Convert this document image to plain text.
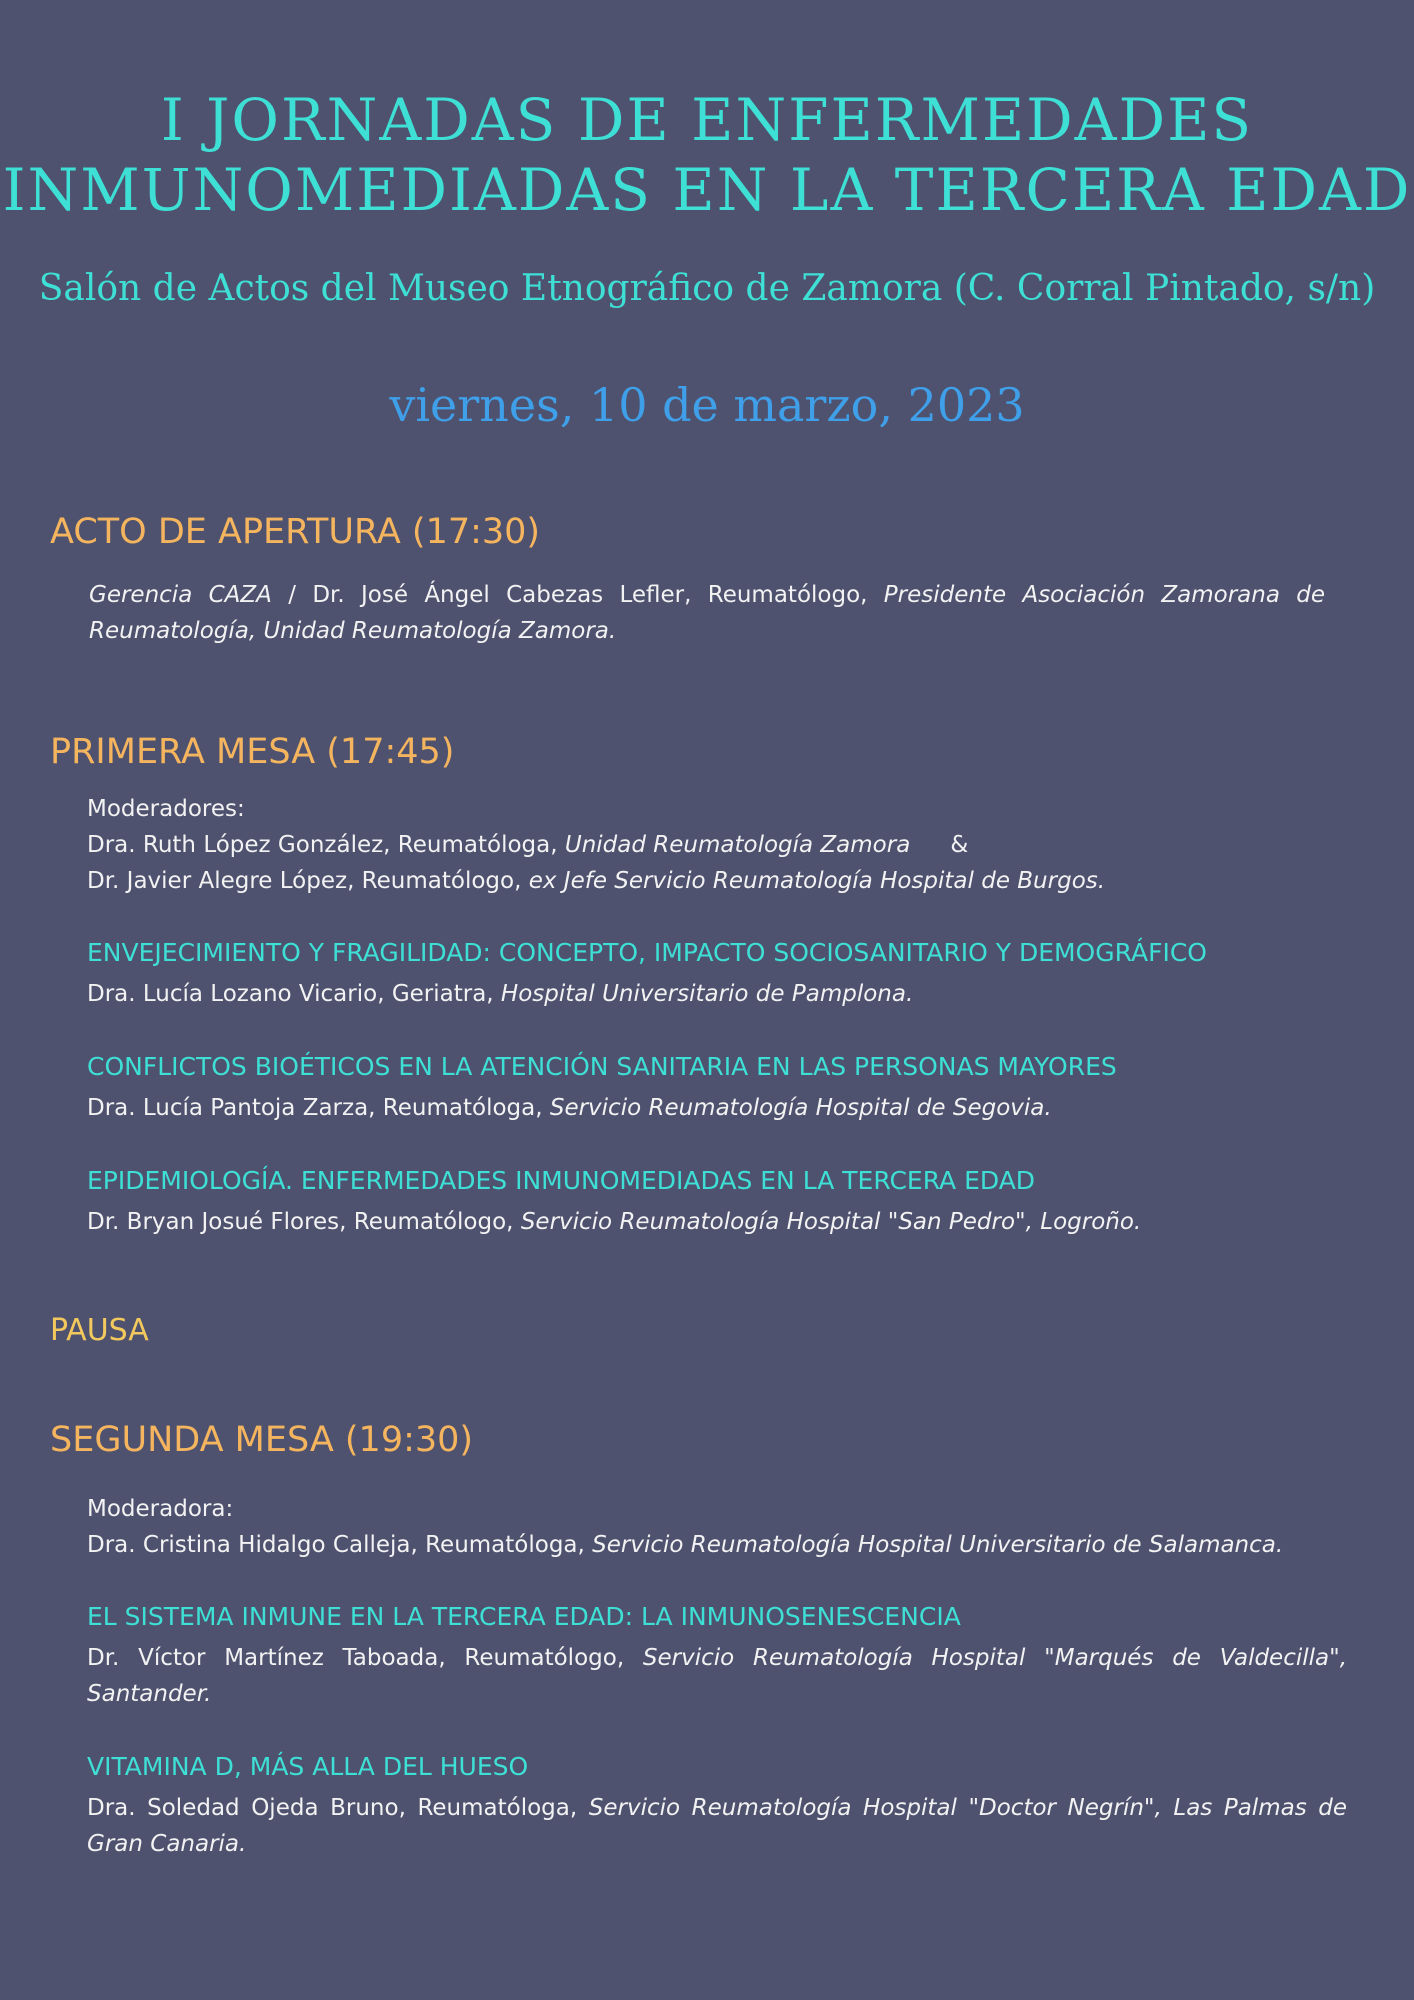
I JORNADAS DE ENFERMEDADES
INMUNOMEDIADAS EN LA TERCERA EDAD

Salón de Actos del Museo Etnográfico de Zamora (C. Corral Pintado, s/n)

viernes, 10 de marzo, 2023

ACTO DE APERTURA (17:30)
Gerencia CAZA / Dr. José Ángel Cabezas Lefler, Reumatólogo, Presidente Asociación Zamorana de Reumatología, Unidad Reumatología Zamora.
PRIMERA MESA (17:45)
Moderadores:
Dra. Ruth López González, Reumatóloga, Unidad Reumatología Zamora &
Dr. Javier Alegre López, Reumatólogo, ex Jefe Servicio Reumatología Hospital de Burgos.
ENVEJECIMIENTO Y FRAGILIDAD: CONCEPTO, IMPACTO SOCIOSANITARIO Y DEMOGRÁFICO
Dra. Lucía Lozano Vicario, Geriatra, Hospital Universitario de Pamplona.
CONFLICTOS BIOÉTICOS EN LA ATENCIÓN SANITARIA EN LAS PERSONAS MAYORES
Dra. Lucía Pantoja Zarza, Reumatóloga, Servicio Reumatología Hospital de Segovia.
EPIDEMIOLOGÍA. ENFERMEDADES INMUNOMEDIADAS EN LA TERCERA EDAD
Dr. Bryan Josué Flores, Reumatólogo, Servicio Reumatología Hospital "San Pedro", Logroño.
PAUSA
SEGUNDA MESA (19:30)
Moderadora:
Dra. Cristina Hidalgo Calleja, Reumatóloga, Servicio Reumatología Hospital Universitario de Salamanca.
EL SISTEMA INMUNE EN LA TERCERA EDAD: LA INMUNOSENESCENCIA
Dr. Víctor Martínez Taboada, Reumatólogo, Servicio Reumatología Hospital "Marqués de Valdecilla", Santander.
VITAMINA D, MÁS ALLA DEL HUESO
Dra. Soledad Ojeda Bruno, Reumatóloga, Servicio Reumatología Hospital "Doctor Negrín", Las Palmas de Gran Canaria.
